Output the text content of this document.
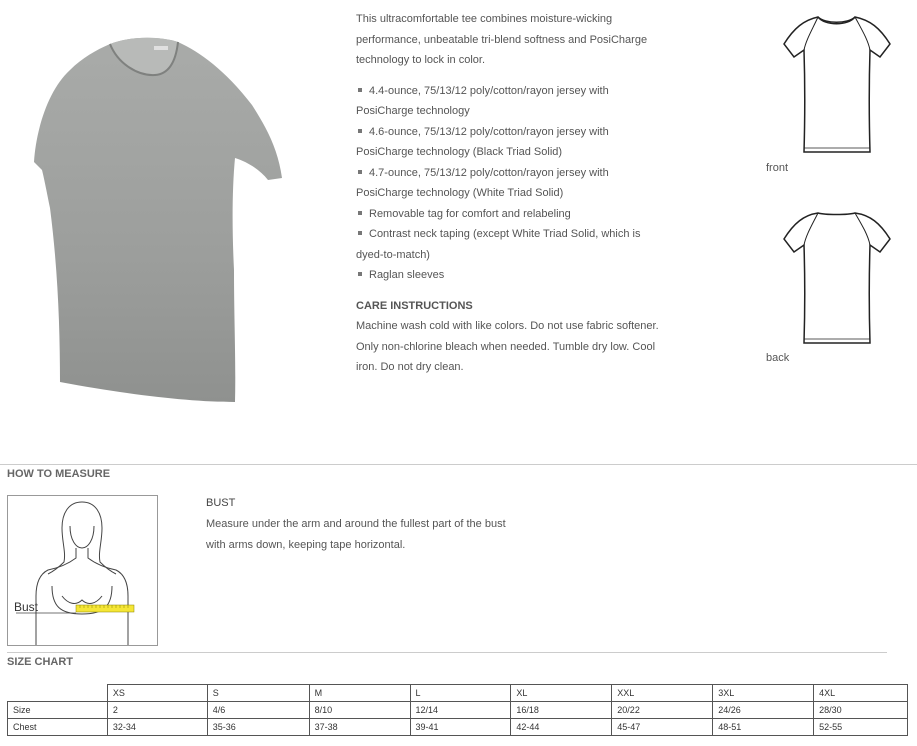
This ultracomfortable tee combines moisture-wicking performance, unbeatable tri-blend softness and PosiCharge technology to lock in color.

4.4-ounce, 75/13/12 poly/cotton/rayon jersey with PosiCharge technology
4.6-ounce, 75/13/12 poly/cotton/rayon jersey with PosiCharge technology (Black Triad Solid)
4.7-ounce, 75/13/12 poly/cotton/rayon jersey with PosiCharge technology (White Triad Solid)
Removable tag for comfort and relabeling
Contrast neck taping (except White Triad Solid, which is dyed-to-match)
Raglan sleeves
CARE INSTRUCTIONS

Machine wash cold with like colors. Do not use fabric softener. Only non-chlorine bleach when needed. Tumble dry low. Cool iron. Do not dry clean.

front
back
HOW TO MEASURE
Bust
BUST
Measure under the arm and around the fullest part of the bust with arms down, keeping tape horizontal.
SIZE CHART
	XS	S	M	L	XL	XXL	3XL	4XL
Size	2	4/6	8/10	12/14	16/18	20/22	24/26	28/30
Chest	32-34	35-36	37-38	39-41	42-44	45-47	48-51	52-55
